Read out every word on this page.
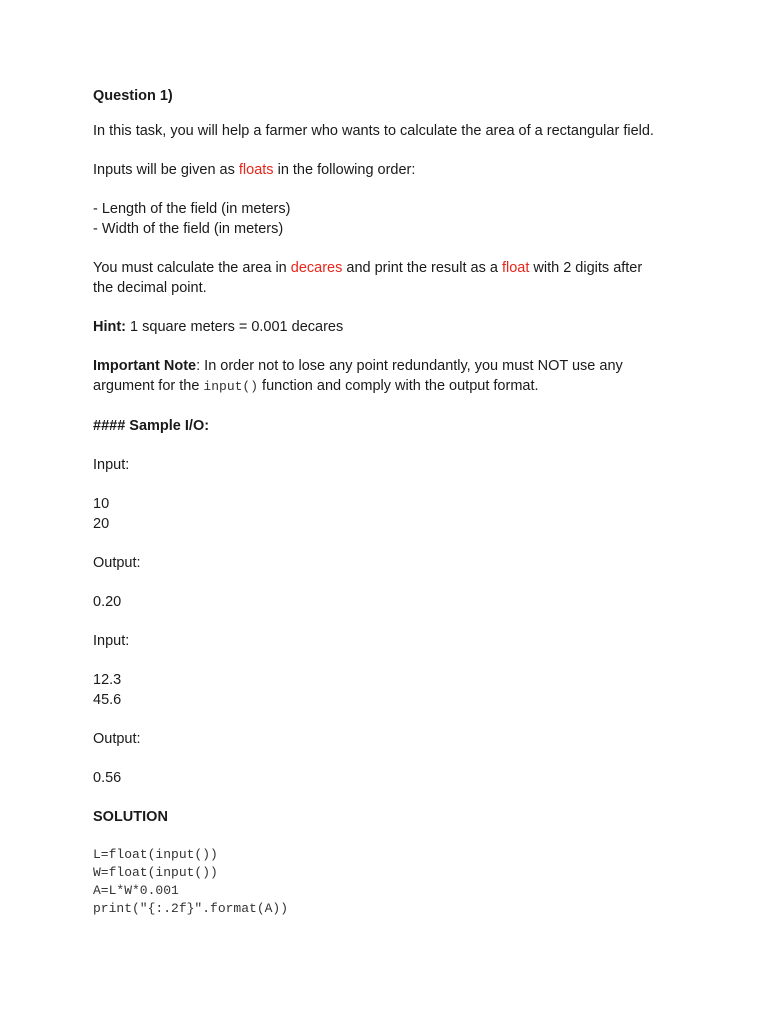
Question 1)
In this task, you will help a farmer who wants to calculate the area of a rectangular field.
Inputs will be given as floats in the following order:
- Length of the field (in meters)
- Width of the field (in meters)
You must calculate the area in decares and print the result as a float with 2 digits after
the decimal point.
Hint: 1 square meters = 0.001 decares
Important Note: In order not to lose any point redundantly, you must NOT use any
argument for the input() function and comply with the output format.
#### Sample I/O:
Input:
10
20
Output:
0.20
Input:
12.3
45.6
Output:
0.56
SOLUTION
L=float(input())
W=float(input())
A=L*W*0.001
print("{:.2f}".format(A))
